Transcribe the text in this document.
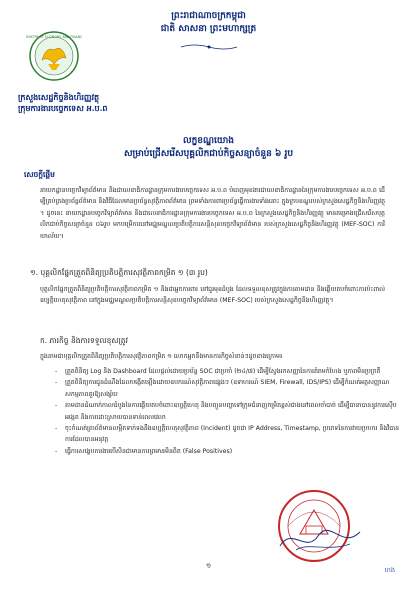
ព្រះរាជាណាចក្រកម្ពុជា
ជាតិ សាសនា ព្រះមហាក្សត្រ
MINISTRY OF ECONOMY AND FINANCE
ក្រសួងសេដ្ឋកិច្ចនិងហិរញ្ញវត្ថុ
ក្រុមការងារបច្ចេកទេស អ.ប.ព
លក្ខខណ្ឌយោង
សម្រាប់ជ្រើសរើសបុគ្គលិកជាប់កិច្ចសន្យាចំនួន ៦ រូប
សេចក្តីផ្តើម
នាយកដ្ឋានបច្ចេកវិទ្យាព័ត៌មាន និងជាលេខាធិការដ្ឋានក្រុមការងារបច្ចេកទេស អ.ប.ព បំពេញមុខងារជាលេខាធិការដ្ឋាននៃក្រុមការងារបច្ចេកទេស អ.ប.ព ដើម្បីគ្រប់គ្រងប្រព័ន្ធព័ត៌មាន និងវិធីដែលមានប្រព័ន្ធសុវត្ថិភាពព័ត៌មាន ព្រមទាំងការពារប្រព័ន្ធធ្វើការងារទាំងនោះ ក្នុងក្របខណ្ឌរបស់ក្រសួងសេដ្ឋកិច្ចនិងហិរញ្ញវត្ថុ។ ដូចនេះ នាយកដ្ឋានបច្ចេកវិទ្យាព័ត៌មាន និងជាលេខាធិការដ្ឋានក្រុមការងារបច្ចេកទេស អ.ប.ព នៃក្រសួងសេដ្ឋកិច្ចនិងហិរញ្ញវត្ថុ មានគម្រោងជ្រើសរើសបុគ្គលិកជាប់កិច្ចសន្យាចំនួន ០៦រូប មកបម្រើការនៅមជ្ឈមណ្ឌលប្រតិបត្តិការសន្តិសុខបច្ចេកវិទ្យាព័ត៌មាន របស់ក្រសួងសេដ្ឋកិច្ចនិងហិរញ្ញវត្ថុ (MEF-SOC) ការិយាល័យ។
១. បុគ្គលិកផ្នែកត្រួតពិនិត្យប្រតិបត្តិការសុវត្ថិភាពកម្រិត ១ (៣ រូប)
បុគ្គលិកផ្នែកត្រួតពិនិត្យប្រតិបត្តិការសុវត្ថិភាពកម្រិត ១ និងជាអ្នកការពារ នៅជួរមុខដំបូង ដែលទទួលខុសត្រូវក្នុងការតាមដាន និងឆ្លើយតបចំពោះការប៉ះពាល់ឧប្បត្តិហេតុសុវត្ថិភាព នៅក្នុងមជ្ឈមណ្ឌលប្រតិបត្តិការសន្តិសុខបច្ចេកវិទ្យាព័ត៌មាន (MEF-SOC) របស់ក្រសួងសេដ្ឋកិច្ចនិងហិរញ្ញវត្ថុ។
ក. ភារកិច្ច និងការទទួលខុសត្រូវ
ក្នុងនាមជាបុគ្គលិកត្រួតពិនិត្យប្រតិបត្តិការសុវត្ថិភាពកម្រិត ១ លោកអ្នកនឹងមានការកិច្ចសំខាន់ៗដូចខាងក្រោម៖
- ត្រួតពិនិត្យ Log និង Dashboard ដែលផ្តល់ដោយប្រព័ន្ធ SOC ជាប្រចាំ (២៤/៧) ដើម្បីស្វែងរកសញ្ញានៃការគំរាមកំហែង ឬភាពមិនប្រក្រតី
- ត្រួតពិនិត្យការជូនដំណឹងដែលបង្កើតឡើងដោយឧបករណ៍សុវត្ថិភាពផ្សេងៗ (ឧទាហរណ៍ SIEM, Firewall, IDS/IPS) ដើម្បីកំណត់អត្តសញ្ញាណសកម្មភាពគួរឱ្យសង្ស័យ
- តាមដានដំណាក់កាលដំបូងនៃការឆ្លើយតបចំពោះឧប្បត្តិហេតុ និងបញ្ជូនបញ្ហាទៅក្រុមជំនាញកម្រិតខ្ពស់ជាងនៅពេលចាំបាច់ ដើម្បីធានាបាននូវការស៊ើបអង្កេត និងការដោះស្រាយបានទាន់ពេលវេលា
- ចុះកំណត់ត្រាព័ត៌មានលម្អិតទាក់ទងនឹងឧប្បត្តិហេតុសុវត្ថិភាព (Incident) ដូចជា IP Address, Timestamp, ប្រភេទនៃការវាយប្រហារ និងវិធានការដែលបានអនុវត្ត
- ធ្វើការសង្ខេបការងារបើសិនជាមានការព្រមានមិនពិត (False Positives)
១	ហង
